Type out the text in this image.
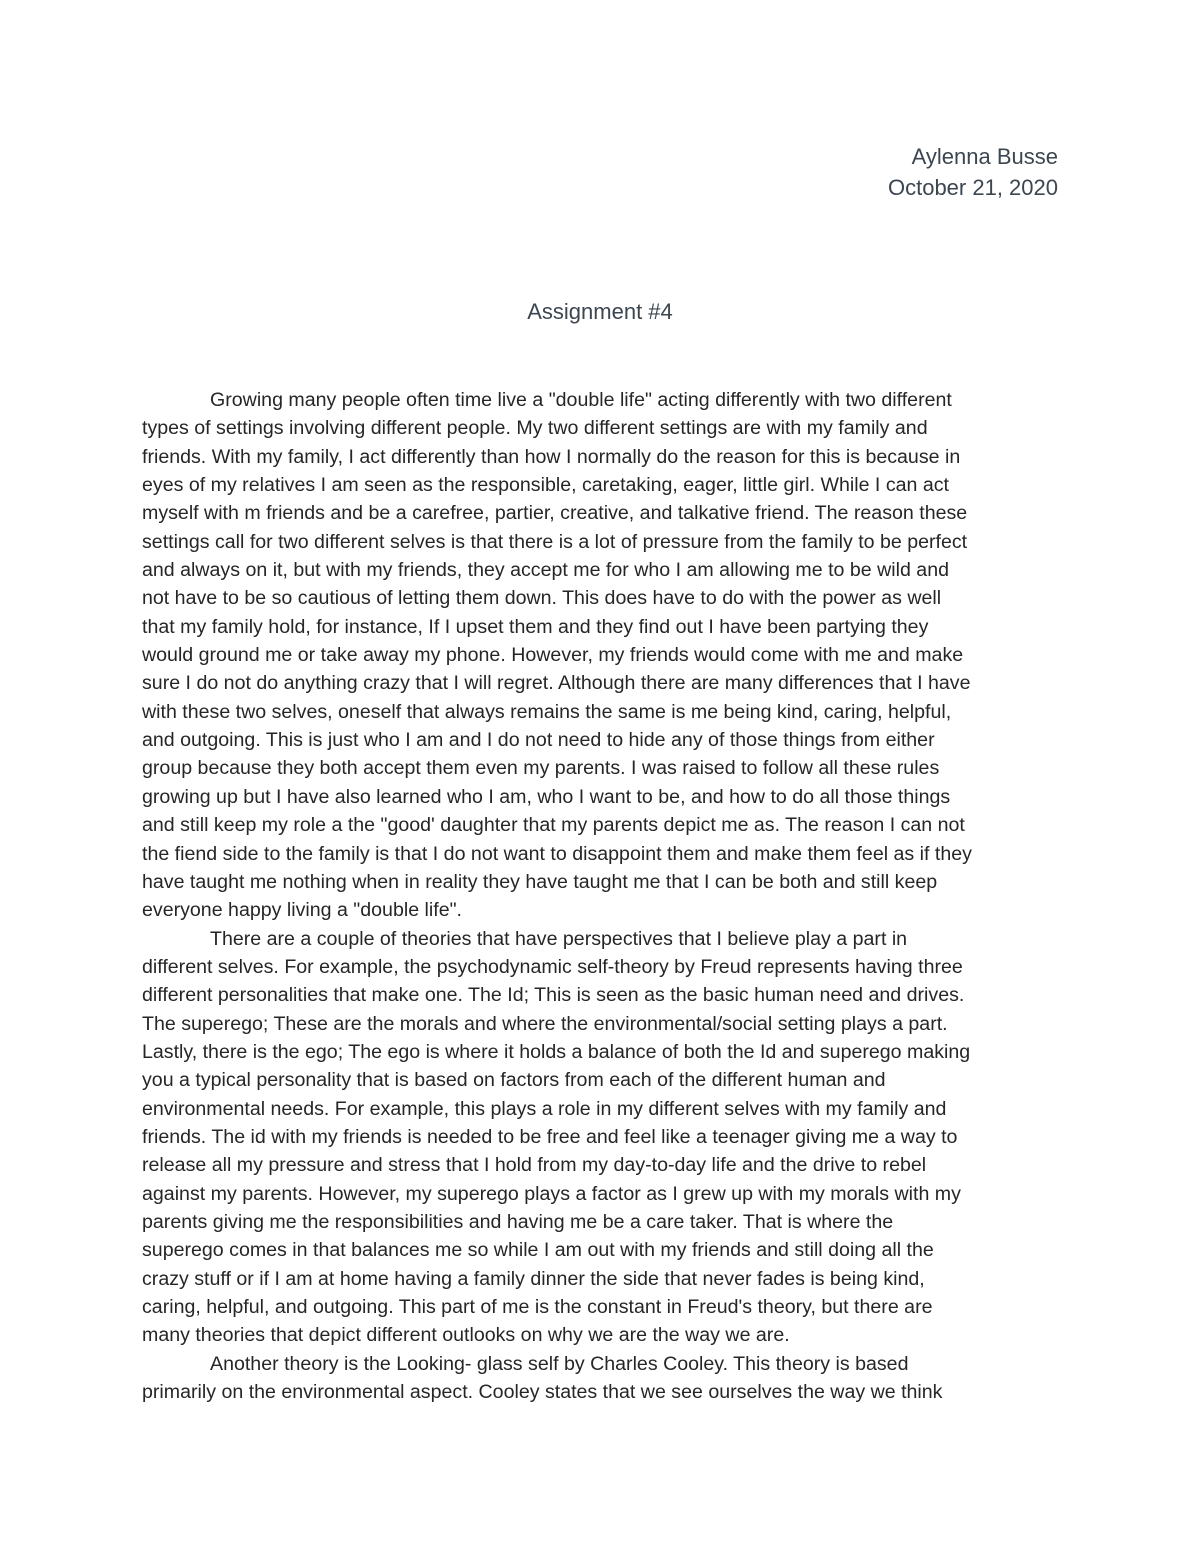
Aylenna Busse
October 21, 2020
Assignment #4
Growing many people often time live a "double life" acting differently with two different
types of settings involving different people. My two different settings are with my family and
friends. With my family, I act differently than how I normally do the reason for this is because in
eyes of my relatives I am seen as the responsible, caretaking, eager, little girl. While I can act
myself with m friends and be a carefree, partier, creative, and talkative friend. The reason these
settings call for two different selves is that there is a lot of pressure from the family to be perfect
and always on it, but with my friends, they accept me for who I am allowing me to be wild and
not have to be so cautious of letting them down. This does have to do with the power as well
that my family hold, for instance, If I upset them and they find out I have been partying they
would ground me or take away my phone. However, my friends would come with me and make
sure I do not do anything crazy that I will regret. Although there are many differences that I have
with these two selves, oneself that always remains the same is me being kind, caring, helpful,
and outgoing. This is just who I am and I do not need to hide any of those things from either
group because they both accept them even my parents. I was raised to follow all these rules
growing up but I have also learned who I am, who I want to be, and how to do all those things
and still keep my role a the "good' daughter that my parents depict me as. The reason I can not
the fiend side to the family is that I do not want to disappoint them and make them feel as if they
have taught me nothing when in reality they have taught me that I can be both and still keep
everyone happy living a "double life".
There are a couple of theories that have perspectives that I believe play a part in
different selves. For example, the psychodynamic self-theory by Freud represents having three
different personalities that make one. The Id; This is seen as the basic human need and drives.
The superego; These are the morals and where the environmental/social setting plays a part.
Lastly, there is the ego; The ego is where it holds a balance of both the Id and superego making
you a typical personality that is based on factors from each of the different human and
environmental needs. For example, this plays a role in my different selves with my family and
friends. The id with my friends is needed to be free and feel like a teenager giving me a way to
release all my pressure and stress that I hold from my day-to-day life and the drive to rebel
against my parents. However, my superego plays a factor as I grew up with my morals with my
parents giving me the responsibilities and having me be a care taker. That is where the
superego comes in that balances me so while I am out with my friends and still doing all the
crazy stuff or if I am at home having a family dinner the side that never fades is being kind,
caring, helpful, and outgoing. This part of me is the constant in Freud's theory, but there are
many theories that depict different outlooks on why we are the way we are.
Another theory is the Looking- glass self by Charles Cooley. This theory is based
primarily on the environmental aspect. Cooley states that we see ourselves the way we think
